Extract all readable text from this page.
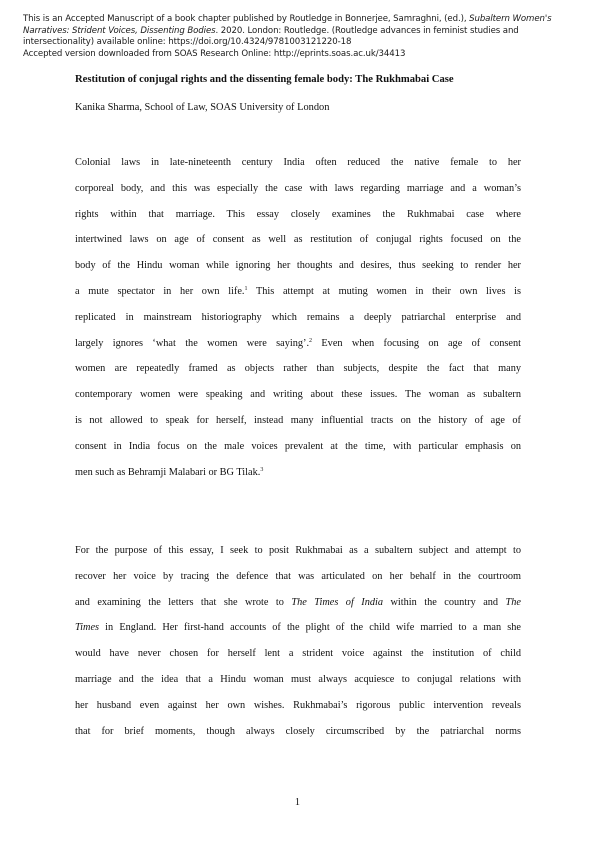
This is an Accepted Manuscript of a book chapter published by Routledge in Bonnerjee, Samraghni, (ed.), Subaltern Women's
Narratives: Strident Voices, Dissenting Bodies. 2020. London: Routledge. (Routledge advances in feminist studies and
intersectionality) available online: https://doi.org/10.4324/9781003121220-18
Accepted version downloaded from SOAS Research Online: http://eprints.soas.ac.uk/34413
Restitution of conjugal rights and the dissenting female body: The Rukhmabai Case
Kanika Sharma, School of Law, SOAS University of London
Colonial laws in late-nineteenth century India often reduced the native female to her
corporeal body, and this was especially the case with laws regarding marriage and a woman’s
rights within that marriage. This essay closely examines the Rukhmabai case where
intertwined laws on age of consent as well as restitution of conjugal rights focused on the
body of the Hindu woman while ignoring her thoughts and desires, thus seeking to render her
a mute spectator in her own life.$^1$ This attempt at muting women in their own lives is
replicated in mainstream historiography which remains a deeply patriarchal enterprise and
largely ignores ‘what the women were saying’.$^2$ Even when focusing on age of consent
women are repeatedly framed as objects rather than subjects, despite the fact that many
contemporary women were speaking and writing about these issues. The woman as subaltern
is not allowed to speak for herself, instead many influential tracts on the history of age of
consent in India focus on the male voices prevalent at the time, with particular emphasis on
men such as Behramji Malabari or BG Tilak.$^3$
For the purpose of this essay, I seek to posit Rukhmabai as a subaltern subject and attempt to
recover her voice by tracing the defence that was articulated on her behalf in the courtroom
and examining the letters that she wrote to The Times of India within the country and The
Times in England. Her first-hand accounts of the plight of the child wife married to a man she
would have never chosen for herself lent a strident voice against the institution of child
marriage and the idea that a Hindu woman must always acquiesce to conjugal relations with
her husband even against her own wishes. Rukhmabai’s rigorous public intervention reveals
that for brief moments, though always closely circumscribed by the patriarchal norms
1
